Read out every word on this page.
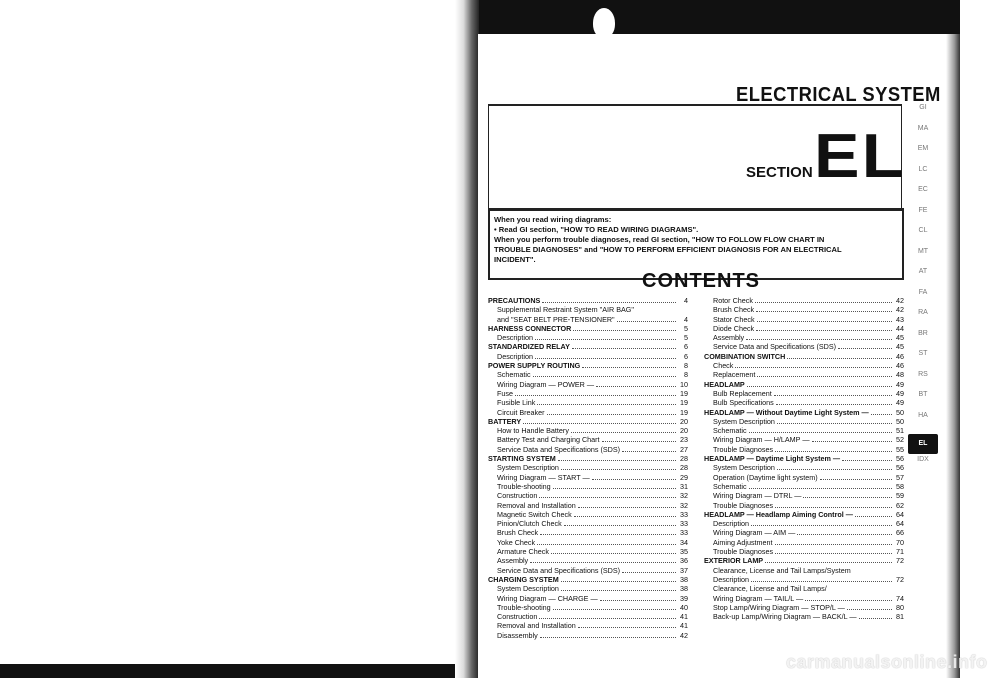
ELECTRICAL SYSTEM
SECTION EL
When you read wiring diagrams:
• Read GI section, "HOW TO READ WIRING DIAGRAMS".
When you perform trouble diagnoses, read GI section, "HOW TO FOLLOW FLOW CHART IN
TROUBLE DIAGNOSES" and "HOW TO PERFORM EFFICIENT DIAGNOSIS FOR AN ELECTRICAL
INCIDENT".
CONTENTS
PRECAUTIONS	4
Supplemental Restraint System "AIR BAG"
and "SEAT BELT PRE-TENSIONER"	4
HARNESS CONNECTOR	5
Description	5
STANDARDIZED RELAY	6
Description	6
POWER SUPPLY ROUTING	8
Schematic	8
Wiring Diagram — POWER —	10
Fuse	19
Fusible Link	19
Circuit Breaker	19
BATTERY	20
How to Handle Battery	20
Battery Test and Charging Chart	23
Service Data and Specifications (SDS)	27
STARTING SYSTEM	28
System Description	28
Wiring Diagram — START —	29
Trouble-shooting	31
Construction	32
Removal and Installation	32
Magnetic Switch Check	33
Pinion/Clutch Check	33
Brush Check	33
Yoke Check	34
Armature Check	35
Assembly	36
Service Data and Specifications (SDS)	37
CHARGING SYSTEM	38
System Description	38
Wiring Diagram — CHARGE —	39
Trouble-shooting	40
Construction	41
Removal and Installation	41
Disassembly	42
Rotor Check	42
Brush Check	42
Stator Check	43
Diode Check	44
Assembly	45
Service Data and Specifications (SDS)	45
COMBINATION SWITCH	46
Check	46
Replacement	48
HEADLAMP	49
Bulb Replacement	49
Bulb Specifications	49
HEADLAMP — Without Daytime Light System —	50
System Description	50
Schematic	51
Wiring Diagram — H/LAMP —	52
Trouble Diagnoses	55
HEADLAMP — Daytime Light System —	56
System Description	56
Operation (Daytime light system)	57
Schematic	58
Wiring Diagram — DTRL —	59
Trouble Diagnoses	62
HEADLAMP — Headlamp Aiming Control —	64
Description	64
Wiring Diagram — AIM —	66
Aiming Adjustment	70
Trouble Diagnoses	71
EXTERIOR LAMP	72
Clearance, License and Tail Lamps/System
Description	72
Clearance, License and Tail Lamps/
Wiring Diagram — TAIL/L —	74
Stop Lamp/Wiring Diagram — STOP/L —	80
Back-up Lamp/Wiring Diagram — BACK/L —	81
GI
MA
EM
LC
EC
FE
CL
MT
AT
FA
RA
BR
ST
RS
BT
HA
EL
IDX
carmanualsonline.info
